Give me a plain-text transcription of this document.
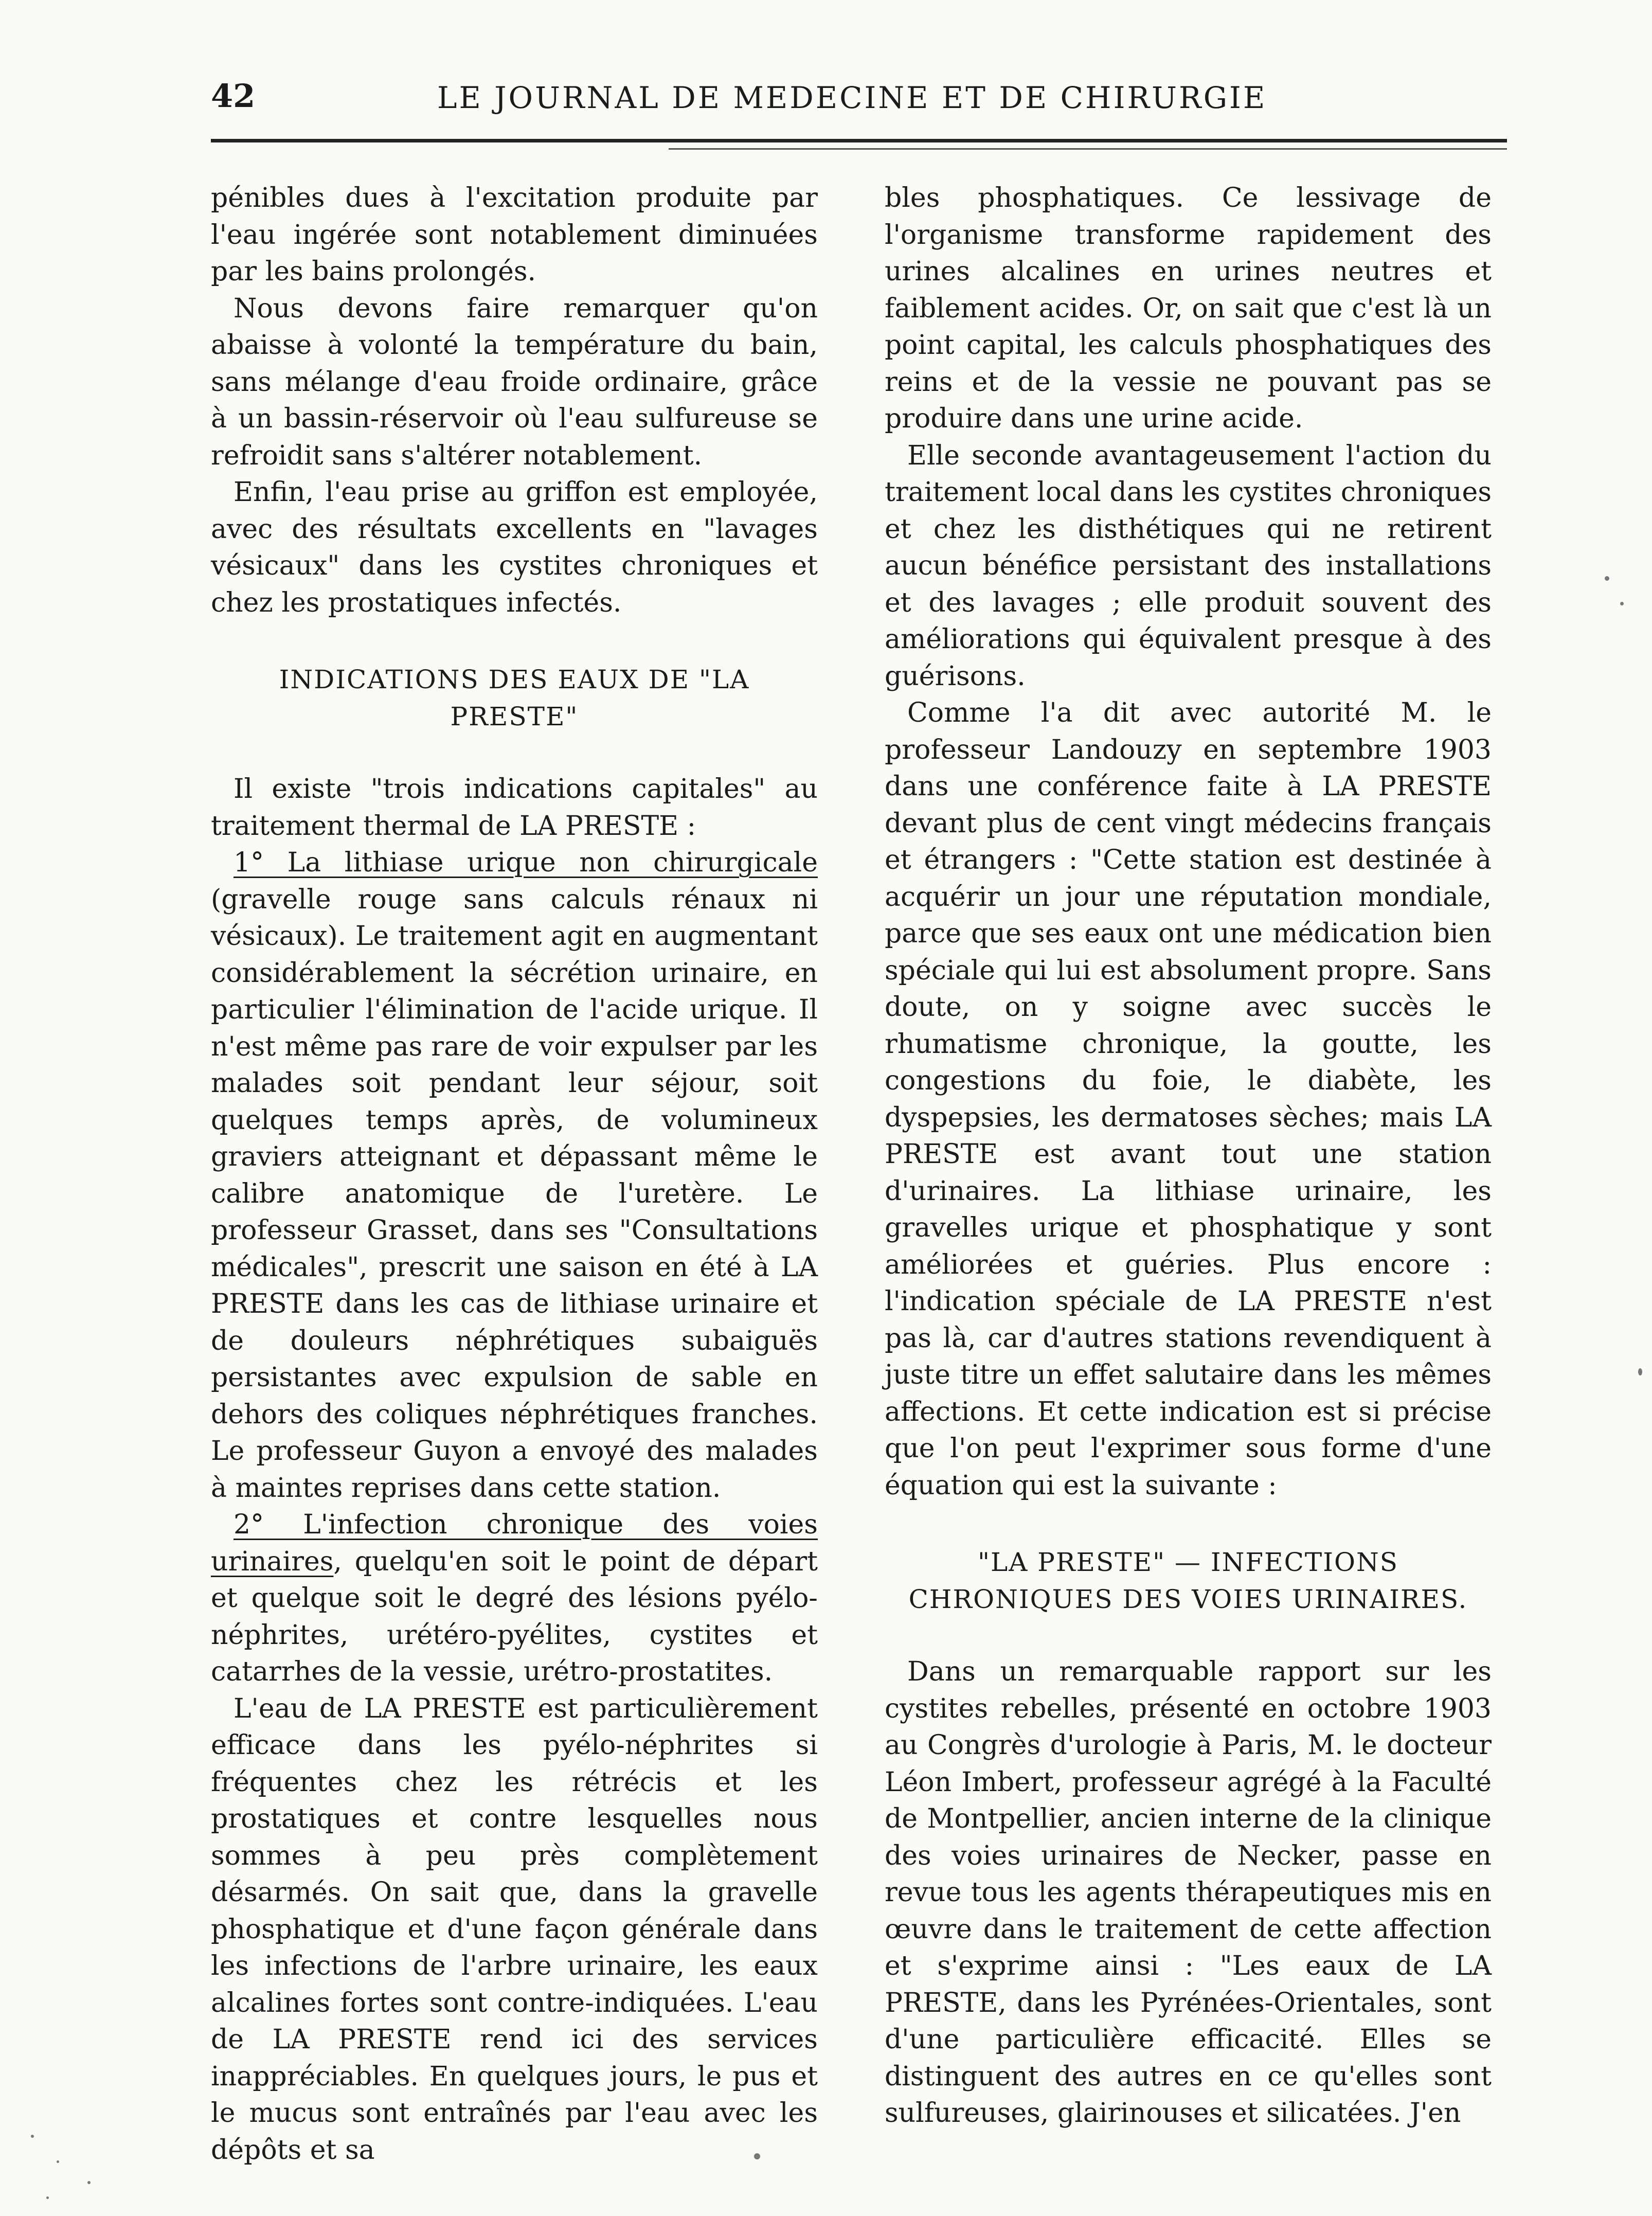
42	LE JOURNAL DE MEDECINE ET DE CHIRURGIE

pénibles dues à l'excitation produite par l'eau ingérée sont notablement diminuées par les bains prolongés.

Nous devons faire remarquer qu'on abaisse à volonté la température du bain, sans mélange d'eau froide ordinaire, grâce à un bassin-réservoir où l'eau sulfureuse se refroidit sans s'altérer notablement.

Enfin, l'eau prise au griffon est employée, avec des résultats excellents en "lavages vésicaux" dans les cystites chroniques et chez les prostatiques infectés.

INDICATIONS DES EAUX DE "LA PRESTE"

Il existe "trois indications capitales" au traitement thermal de LA PRESTE :

1° La lithiase urique non chirurgicale (gravelle rouge sans calculs rénaux ni vésicaux). Le traitement agit en augmentant considérablement la sécrétion urinaire, en particulier l'élimination de l'acide urique. Il n'est même pas rare de voir expulser par les malades soit pendant leur séjour, soit quelques temps après, de volumineux graviers atteignant et dépassant même le calibre anatomique de l'uretère. Le professeur Grasset, dans ses "Consultations médicales", prescrit une saison en été à LA PRESTE dans les cas de lithiase urinaire et de douleurs néphrétiques subaiguës persistantes avec expulsion de sable en dehors des coliques néphrétiques franches. Le professeur Guyon a envoyé des malades à maintes reprises dans cette station.

2° L'infection chronique des voies urinaires, quelqu'en soit le point de départ et quelque soit le degré des lésions pyélo-néphrites, urétéro-pyélites, cystites et catarrhes de la vessie, urétro-prostatites.

L'eau de LA PRESTE est particulièrement efficace dans les pyélo-néphrites si fréquentes chez les rétrécis et les prostatiques et contre lesquelles nous sommes à peu près complètement désarmés. On sait que, dans la gravelle phosphatique et d'une façon générale dans les infections de l'arbre urinaire, les eaux alcalines fortes sont contre-indiquées. L'eau de LA PRESTE rend ici des services inappréciables. En quelques jours, le pus et le mucus sont entraînés par l'eau avec les dépôts et sa

bles phosphatiques. Ce lessivage de l'organisme transforme rapidement des urines alcalines en urines neutres et faiblement acides. Or, on sait que c'est là un point capital, les calculs phosphatiques des reins et de la vessie ne pouvant pas se produire dans une urine acide.

Elle seconde avantageusement l'action du traitement local dans les cystites chroniques et chez les disthétiques qui ne retirent aucun bénéfice persistant des installations et des lavages ; elle produit souvent des améliorations qui équivalent presque à des guérisons.

Comme l'a dit avec autorité M. le professeur Landouzy en septembre 1903 dans une conférence faite à LA PRESTE devant plus de cent vingt médecins français et étrangers : "Cette station est destinée à acquérir un jour une réputation mondiale, parce que ses eaux ont une médication bien spéciale qui lui est absolument propre. Sans doute, on y soigne avec succès le rhumatisme chronique, la goutte, les congestions du foie, le diabète, les dyspepsies, les dermatoses sèches; mais LA PRESTE est avant tout une station d'urinaires. La lithiase urinaire, les gravelles urique et phosphatique y sont améliorées et guéries. Plus encore : l'indication spéciale de LA PRESTE n'est pas là, car d'autres stations revendiquent à juste titre un effet salutaire dans les mêmes affections. Et cette indication est si précise que l'on peut l'exprimer sous forme d'une équation qui est la suivante :

"LA PRESTE" — INFECTIONS CHRONIQUES DES VOIES URINAIRES.

Dans un remarquable rapport sur les cystites rebelles, présenté en octobre 1903 au Congrès d'urologie à Paris, M. le docteur Léon Imbert, professeur agrégé à la Faculté de Montpellier, ancien interne de la clinique des voies urinaires de Necker, passe en revue tous les agents thérapeutiques mis en œuvre dans le traitement de cette affection et s'exprime ainsi : "Les eaux de LA PRESTE, dans les Pyrénées-Orientales, sont d'une particulière efficacité. Elles se distinguent des autres en ce qu'elles sont sulfureuses, glairinouses et silicatées. J'en
